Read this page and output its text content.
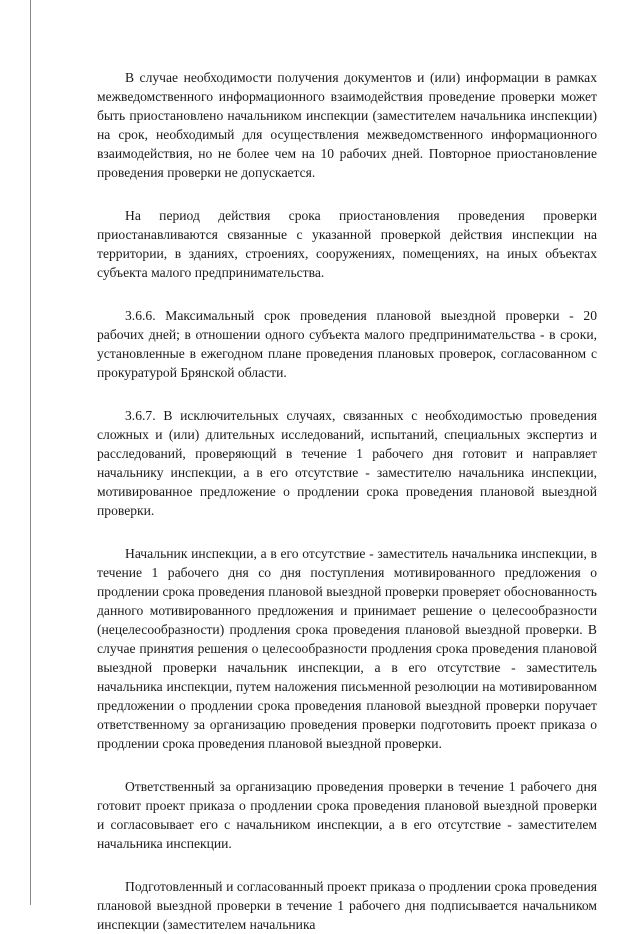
В случае необходимости получения документов и (или) информации в рамках межведомственного информационного взаимодействия проведение проверки может быть приостановлено начальником инспекции (заместителем начальника инспекции) на срок, необходимый для осуществления межведомственного информационного взаимодействия, но не более чем на 10 рабочих дней. Повторное приостановление проведения проверки не допускается.

На период действия срока приостановления проведения проверки приостанавливаются связанные с указанной проверкой действия инспекции на территории, в зданиях, строениях, сооружениях, помещениях, на иных объектах субъекта малого предпринимательства.

3.6.6. Максимальный срок проведения плановой выездной проверки - 20 рабочих дней; в отношении одного субъекта малого предпринимательства - в сроки, установленные в ежегодном плане проведения плановых проверок, согласованном с прокуратурой Брянской области.

3.6.7. В исключительных случаях, связанных с необходимостью проведения сложных и (или) длительных исследований, испытаний, специальных экспертиз и расследований, проверяющий в течение 1 рабочего дня готовит и направляет начальнику инспекции, а в его отсутствие - заместителю начальника инспекции, мотивированное предложение о продлении срока проведения плановой выездной проверки.

Начальник инспекции, а в его отсутствие - заместитель начальника инспекции, в течение 1 рабочего дня со дня поступления мотивированного предложения о продлении срока проведения плановой выездной проверки проверяет обоснованность данного мотивированного предложения и принимает решение о целесообразности (нецелесообразности) продления срока проведения плановой выездной проверки. В случае принятия решения о целесообразности продления срока проведения плановой выездной проверки начальник инспекции, а в его отсутствие - заместитель начальника инспекции, путем наложения письменной резолюции на мотивированном предложении о продлении срока проведения плановой выездной проверки поручает ответственному за организацию проведения проверки подготовить проект приказа о продлении срока проведения плановой выездной проверки.

Ответственный за организацию проведения проверки в течение 1 рабочего дня готовит проект приказа о продлении срока проведения плановой выездной проверки и согласовывает его с начальником инспекции, а в его отсутствие - заместителем начальника инспекции.

Подготовленный и согласованный проект приказа о продлении срока проведения плановой выездной проверки в течение 1 рабочего дня подписывается начальником инспекции (заместителем начальника
